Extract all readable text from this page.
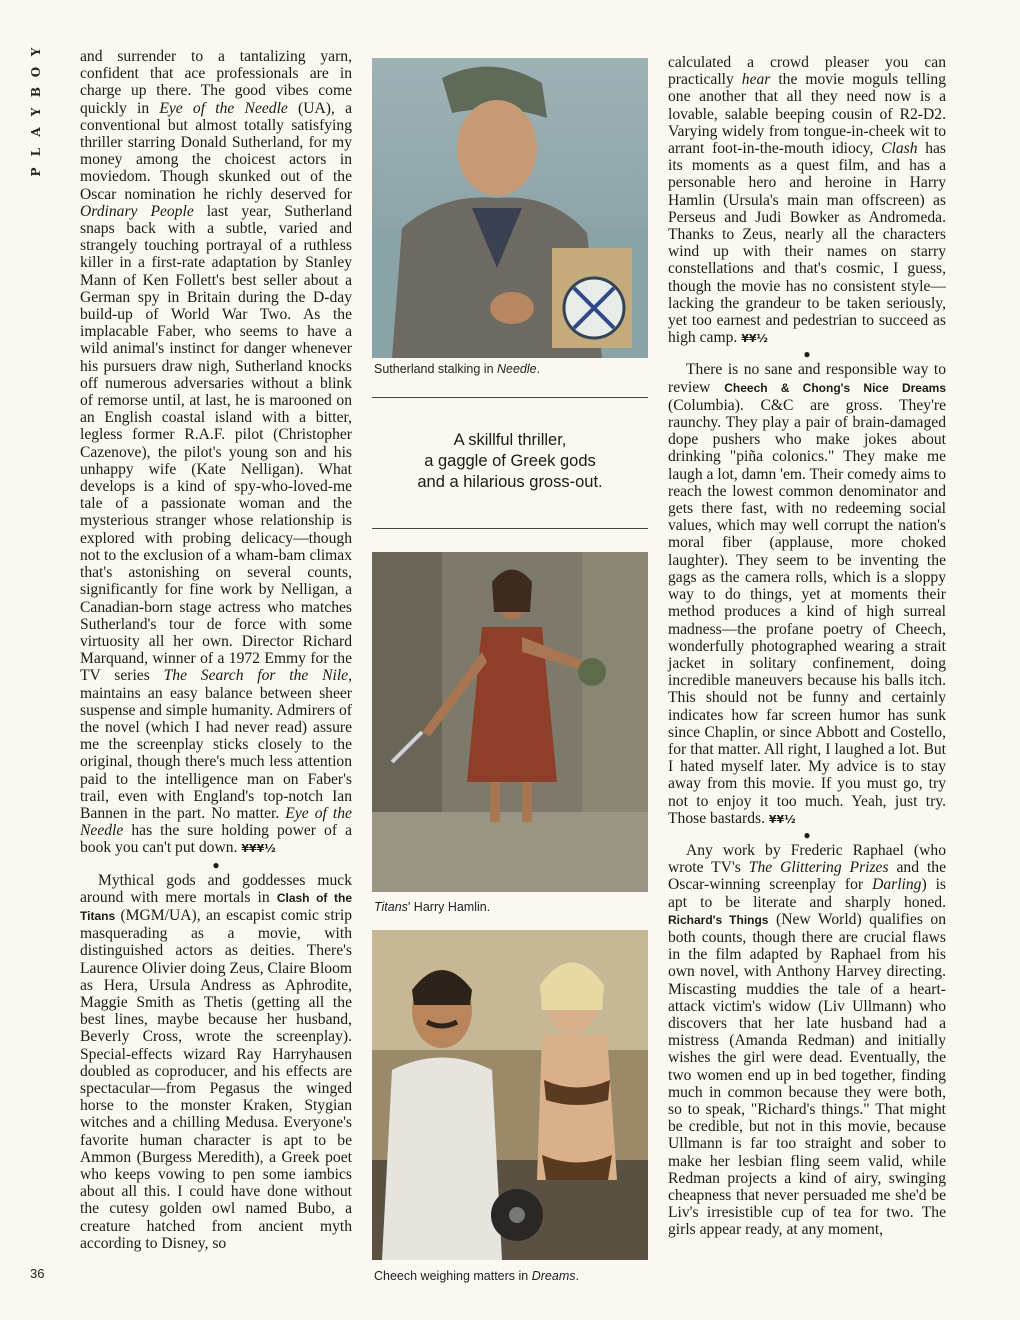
Y
O
B
Y
A
L
P

and surrender to a tantalizing yarn, confident that ace professionals are in charge up there. The good vibes come quickly in Eye of the Needle (UA), a conventional but almost totally satisfying thriller starring Donald Sutherland, for my money among the choicest actors in moviedom. Though skunked out of the Oscar nomination he richly deserved for Ordinary People last year, Sutherland snaps back with a subtle, varied and strangely touching portrayal of a ruthless killer in a first-rate adaptation by Stanley Mann of Ken Follett's best seller about a German spy in Britain during the D-day build-up of World War Two. As the implacable Faber, who seems to have a wild animal's instinct for danger whenever his pursuers draw nigh, Sutherland knocks off numerous adversaries without a blink of remorse until, at last, he is marooned on an English coastal island with a bitter, legless former R.A.F. pilot (Christopher Cazenove), the pilot's young son and his unhappy wife (Kate Nelligan). What develops is a kind of spy-who-loved-me tale of a passionate woman and the mysterious stranger whose relationship is explored with probing delicacy—though not to the exclusion of a wham-bam climax that's astonishing on several counts, significantly for fine work by Nelligan, a Canadian-born stage actress who matches Sutherland's tour de force with some virtuosity all her own. Director Richard Marquand, winner of a 1972 Emmy for the TV series The Search for the Nile, maintains an easy balance between sheer suspense and simple humanity. Admirers of the novel (which I had never read) assure me the screenplay sticks closely to the original, though there's much less attention paid to the intelligence man on Faber's trail, even with England's top-notch Ian Bannen in the part. No matter. Eye of the Needle has the sure holding power of a book you can't put down. ¥¥¥½

●

Mythical gods and goddesses muck around with mere mortals in Clash of the Titans (MGM/UA), an escapist comic strip masquerading as a movie, with distinguished actors as deities. There's Laurence Olivier doing Zeus, Claire Bloom as Hera, Ursula Andress as Aphrodite, Maggie Smith as Thetis (getting all the best lines, maybe because her husband, Beverly Cross, wrote the screenplay). Special-effects wizard Ray Harryhausen doubled as coproducer, and his effects are spectacular—from Pegasus the winged horse to the monster Kraken, Stygian witches and a chilling Medusa. Everyone's favorite human character is apt to be Ammon (Burgess Meredith), a Greek poet who keeps vowing to pen some iambics about all this. I could have done without the cutesy golden owl named Bubo, a creature hatched from ancient myth according to Disney, so

Sutherland stalking in Needle.
A skillful thriller,
a gaggle of Greek gods
and a hilarious gross-out.
Titans' Harry Hamlin.
Cheech weighing matters in Dreams.

calculated a crowd pleaser you can practically hear the movie moguls telling one another that all they need now is a lovable, salable beeping cousin of R2-D2. Varying widely from tongue-in-cheek wit to arrant foot-in-the-mouth idiocy, Clash has its moments as a quest film, and has a personable hero and heroine in Harry Hamlin (Ursula's main man offscreen) as Perseus and Judi Bowker as Andromeda. Thanks to Zeus, nearly all the characters wind up with their names on starry constellations and that's cosmic, I guess, though the movie has no consistent style—lacking the grandeur to be taken seriously, yet too earnest and pedestrian to succeed as high camp. ¥¥½

●

There is no sane and responsible way to review Cheech & Chong's Nice Dreams (Columbia). C&C are gross. They're raunchy. They play a pair of brain-damaged dope pushers who make jokes about drinking "piña colonics." They make me laugh a lot, damn 'em. Their comedy aims to reach the lowest common denominator and gets there fast, with no redeeming social values, which may well corrupt the nation's moral fiber (applause, more choked laughter). They seem to be inventing the gags as the camera rolls, which is a sloppy way to do things, yet at moments their method produces a kind of high surreal madness—the profane poetry of Cheech, wonderfully photographed wearing a strait jacket in solitary confinement, doing incredible maneuvers because his balls itch. This should not be funny and certainly indicates how far screen humor has sunk since Chaplin, or since Abbott and Costello, for that matter. All right, I laughed a lot. But I hated myself later. My advice is to stay away from this movie. If you must go, try not to enjoy it too much. Yeah, just try. Those bastards. ¥¥½

●

Any work by Frederic Raphael (who wrote TV's The Glittering Prizes and the Oscar-winning screenplay for Darling) is apt to be literate and sharply honed. Richard's Things (New World) qualifies on both counts, though there are crucial flaws in the film adapted by Raphael from his own novel, with Anthony Harvey directing. Miscasting muddies the tale of a heart-attack victim's widow (Liv Ullmann) who discovers that her late husband had a mistress (Amanda Redman) and initially wishes the girl were dead. Eventually, the two women end up in bed together, finding much in common because they were both, so to speak, "Richard's things." That might be credible, but not in this movie, because Ullmann is far too straight and sober to make her lesbian fling seem valid, while Redman projects a kind of airy, swinging cheapness that never persuaded me she'd be Liv's irresistible cup of tea for two. The girls appear ready, at any moment,

36
